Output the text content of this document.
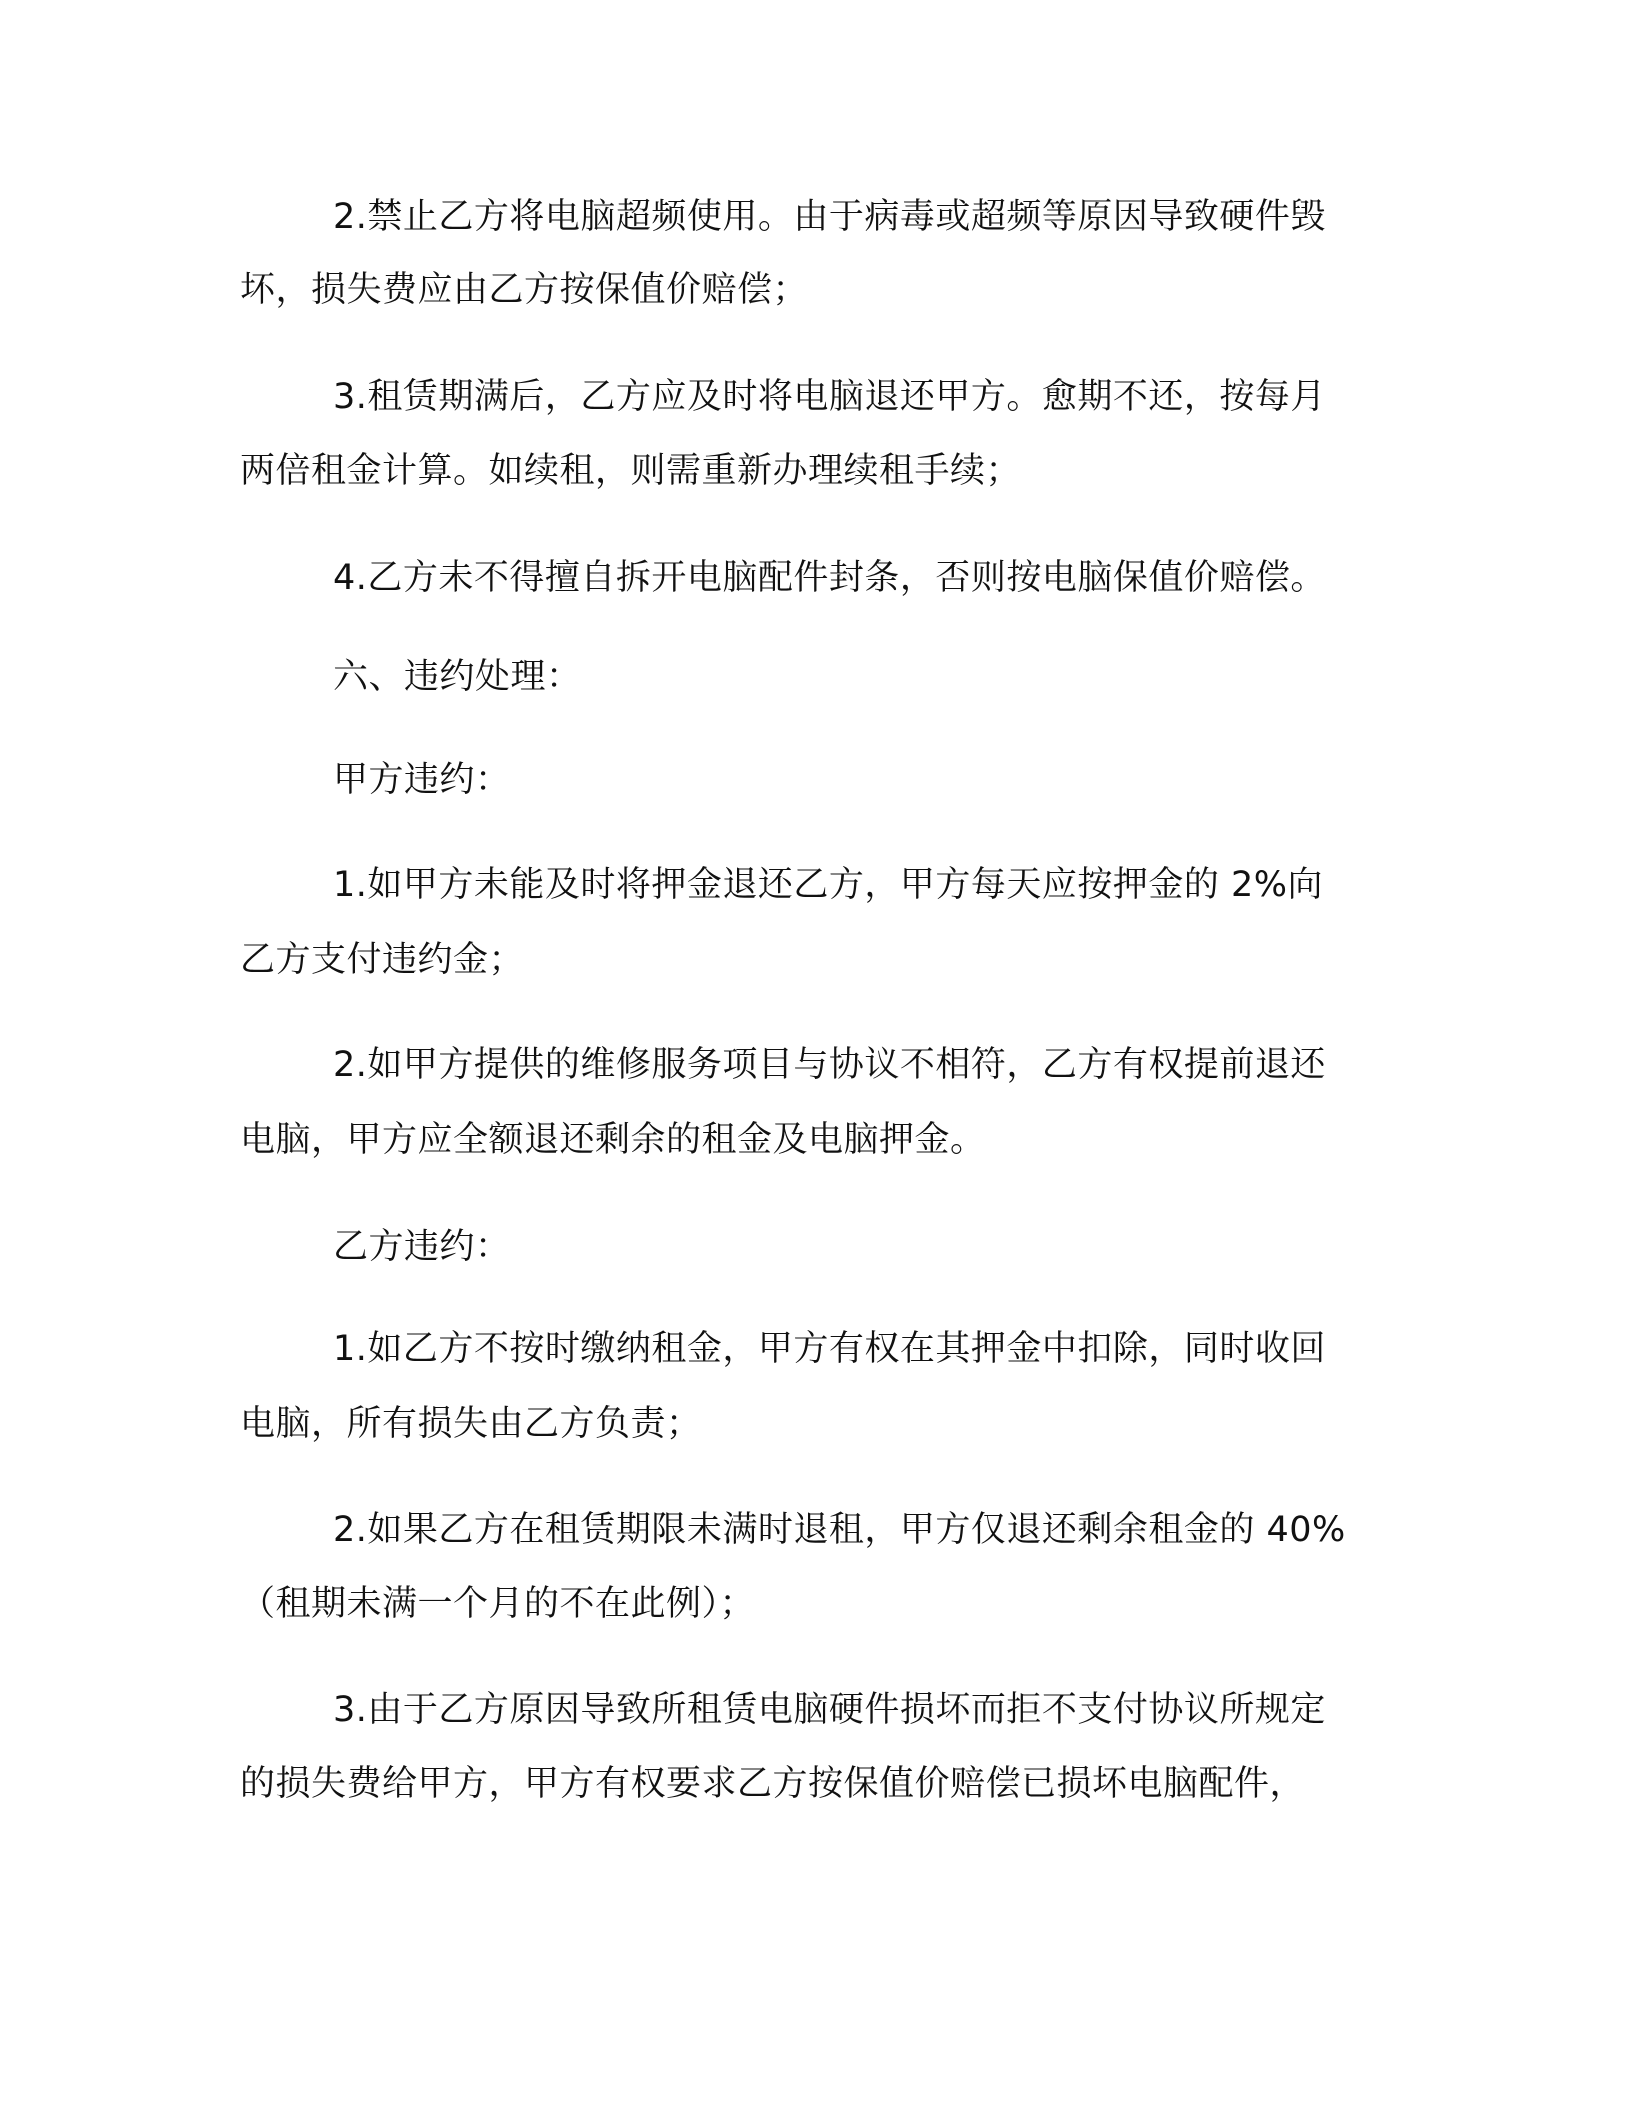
2.禁止乙方将电脑超频使用。由于病毒或超频等原因导致硬件毁
坏，损失费应由乙方按保值价赔偿；
3.租赁期满后，乙方应及时将电脑退还甲方。愈期不还，按每月
两倍租金计算。如续租，则需重新办理续租手续；
4.乙方未不得擅自拆开电脑配件封条，否则按电脑保值价赔偿。
六、违约处理：
甲方违约：
1.如甲方未能及时将押金退还乙方，甲方每天应按押金的 2%向
乙方支付违约金；
2.如甲方提供的维修服务项目与协议不相符，乙方有权提前退还
电脑，甲方应全额退还剩余的租金及电脑押金。
乙方违约：
1.如乙方不按时缴纳租金，甲方有权在其押金中扣除，同时收回
电脑，所有损失由乙方负责；
2.如果乙方在租赁期限未满时退租，甲方仅退还剩余租金的 40%
（租期未满一个月的不在此例）；
3.由于乙方原因导致所租赁电脑硬件损坏而拒不支付协议所规定
的损失费给甲方，甲方有权要求乙方按保值价赔偿已损坏电脑配件，
